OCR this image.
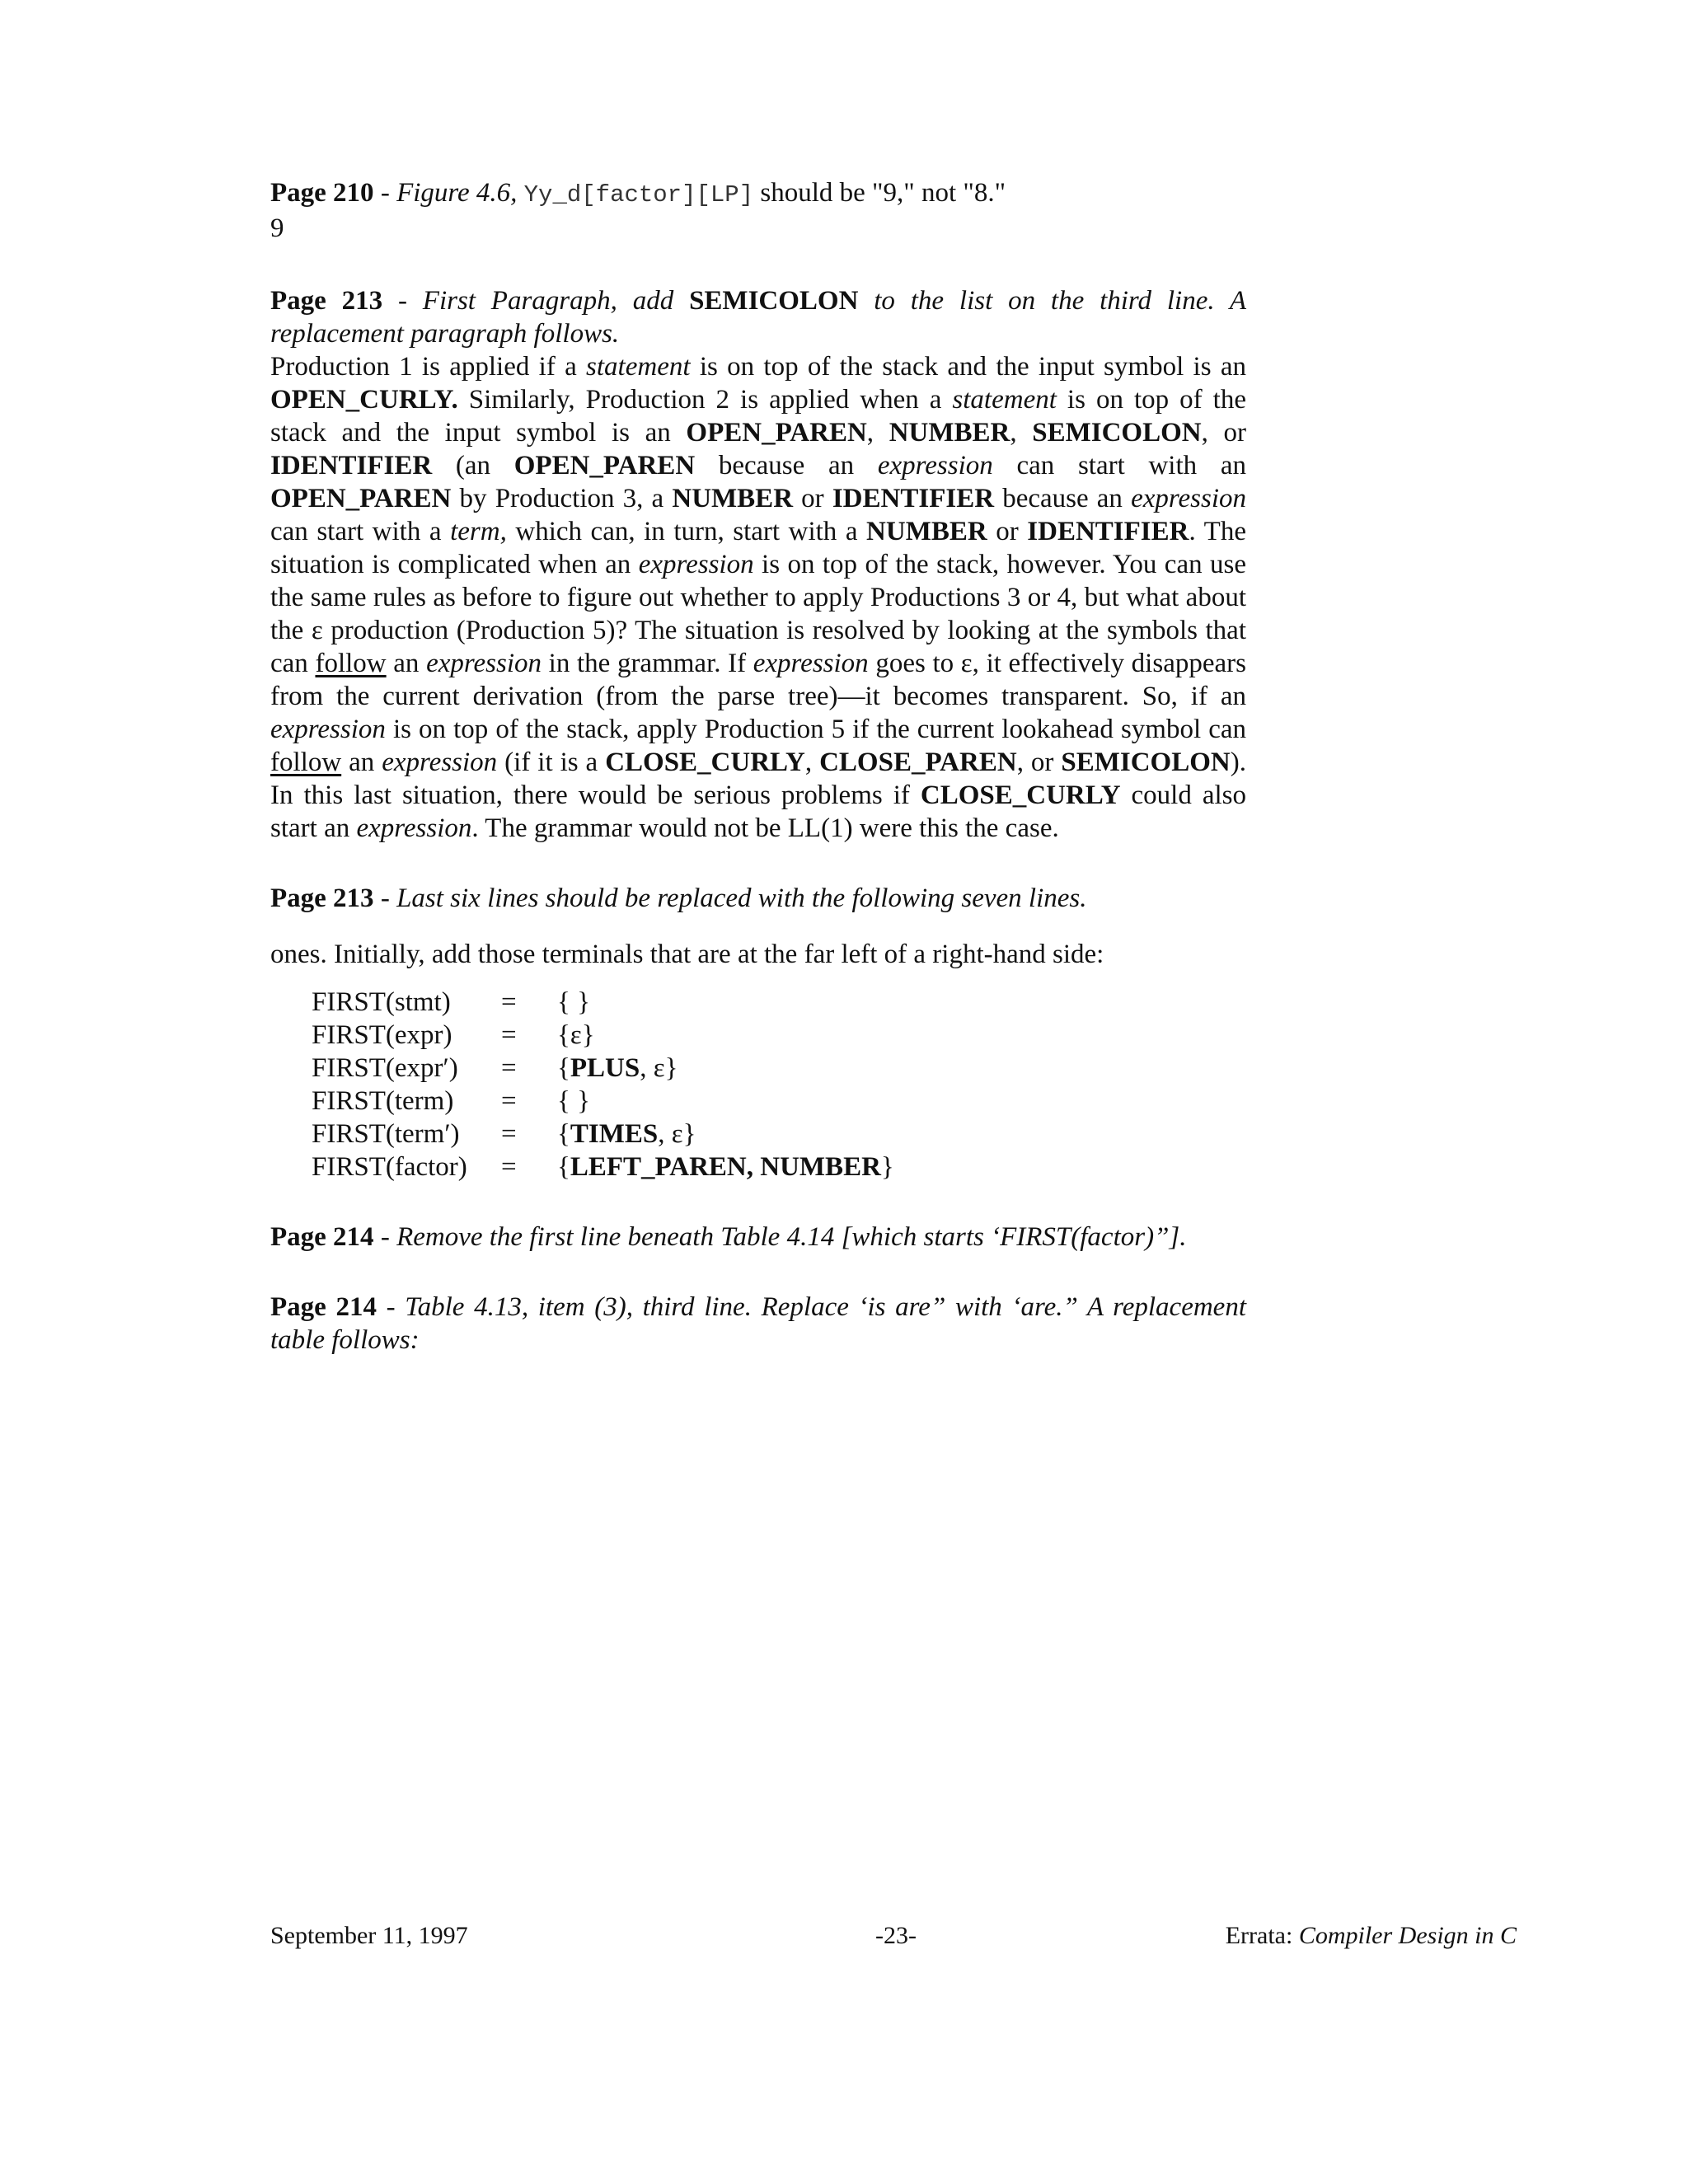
Page 210 - Figure 4.6, Yy_d[factor][LP] should be "9," not "8."
9
Page 213 - First Paragraph, add SEMICOLON to the list on the third line. A replacement paragraph follows.

Production 1 is applied if a statement is on top of the stack and the input symbol is an OPEN_CURLY. Similarly, Production 2 is applied when a statement is on top of the stack and the input symbol is an OPEN_PAREN, NUMBER, SEMICOLON, or IDENTIFIER (an OPEN_PAREN because an expression can start with an OPEN_PAREN by Production 3, a NUMBER or IDENTIFIER because an expression can start with a term, which can, in turn, start with a NUMBER or IDENTIFIER. The situation is complicated when an expression is on top of the stack, however. You can use the same rules as before to figure out whether to apply Productions 3 or 4, but what about the ε production (Production 5)? The situation is resolved by looking at the symbols that can follow an expression in the grammar. If expression goes to ε, it effectively disappears from the current derivation (from the parse tree)—it becomes transparent. So, if an expression is on top of the stack, apply Production 5 if the current lookahead symbol can follow an expression (if it is a CLOSE_CURLY, CLOSE_PAREN, or SEMICOLON). In this last situation, there would be serious problems if CLOSE_CURLY could also start an expression. The grammar would not be LL(1) were this the case.

Page 213 - Last six lines should be replaced with the following seven lines.
ones. Initially, add those terminals that are at the far left of a right-hand side:
FIRST(stmt)	=	{ }
FIRST(expr)	=	{ε}
FIRST(expr′)	=	{PLUS, ε}
FIRST(term)	=	{ }
FIRST(term′)	=	{TIMES, ε}
FIRST(factor)	=	{LEFT_PAREN, NUMBER}
Page 214 - Remove the first line beneath Table 4.14 [which starts ‘FIRST(factor)”].
Page 214 - Table 4.13, item (3), third line. Replace ‘is are” with ‘are.” A replacement table follows:
September 11, 1997	-23-	Errata: Compiler Design in C
